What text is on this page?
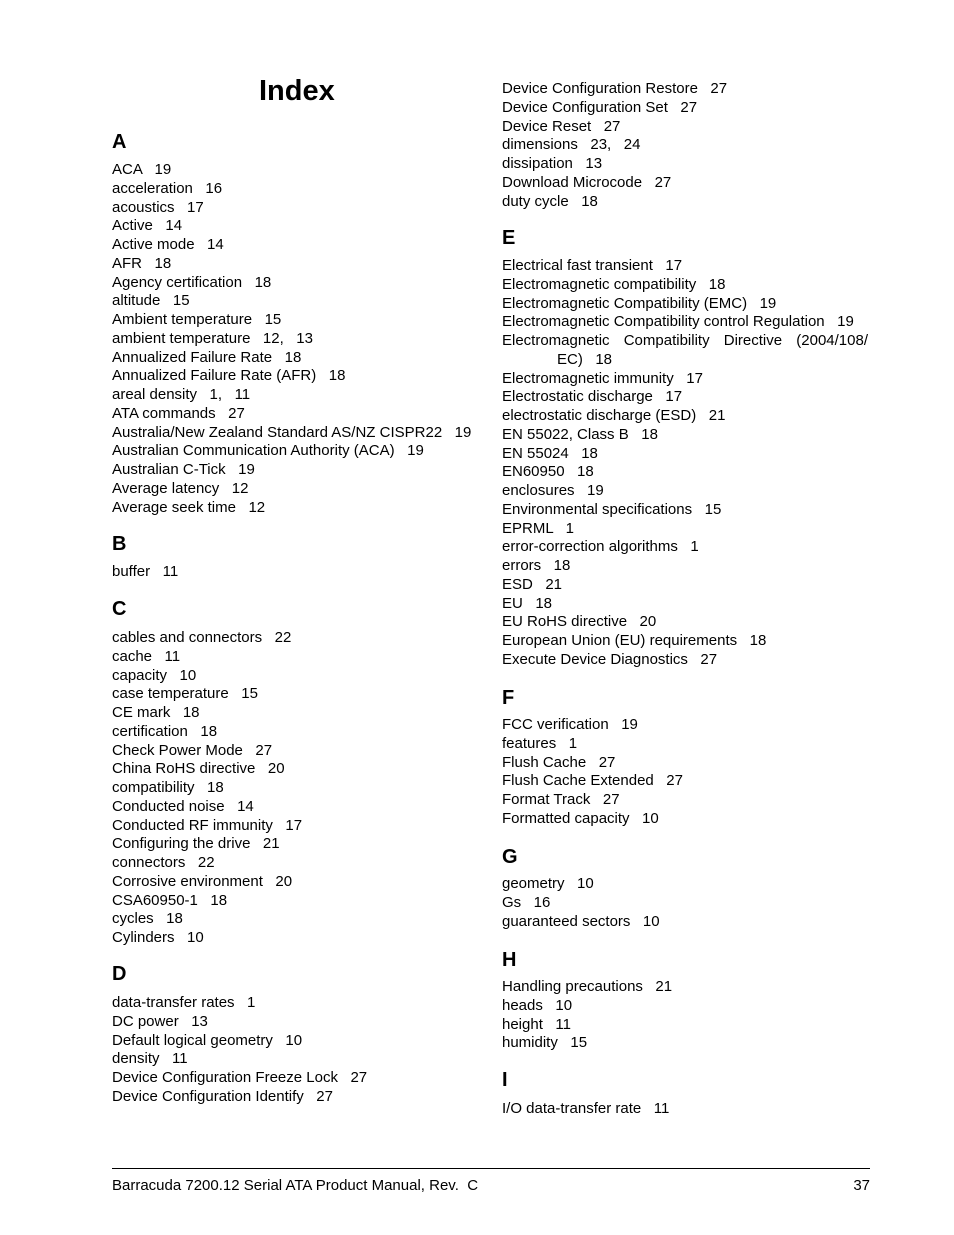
Index
A
ACA   19
acceleration   16
acoustics   17
Active   14
Active mode   14
AFR   18
Agency certification   18
altitude   15
Ambient temperature   15
ambient temperature   12,   13
Annualized Failure Rate   18
Annualized Failure Rate (AFR)   18
areal density   1,   11
ATA commands   27
Australia/New Zealand Standard AS/NZ CISPR22   19
Australian Communication Authority (ACA)   19
Australian C-Tick   19
Average latency   12
Average seek time   12
B
buffer   11
C
cables and connectors   22
cache   11
capacity   10
case temperature   15
CE mark   18
certification   18
Check Power Mode   27
China RoHS directive   20
compatibility   18
Conducted noise   14
Conducted RF immunity   17
Configuring the drive   21
connectors   22
Corrosive environment   20
CSA60950-1   18
cycles   18
Cylinders   10
D
data-transfer rates   1
DC power   13
Default logical geometry   10
density   11
Device Configuration Freeze Lock   27
Device Configuration Identify   27
Device Configuration Restore   27
Device Configuration Set   27
Device Reset   27
dimensions   23,   24
dissipation   13
Download Microcode   27
duty cycle   18
E
Electrical fast transient   17
Electromagnetic compatibility   18
Electromagnetic Compatibility (EMC)   19
Electromagnetic Compatibility control Regulation   19
Electromagnetic Compatibility Directive (2004/108/
EC)   18
Electromagnetic immunity   17
Electrostatic discharge   17
electrostatic discharge (ESD)   21
EN 55022, Class B   18
EN 55024   18
EN60950   18
enclosures   19
Environmental specifications   15
EPRML   1
error-correction algorithms   1
errors   18
ESD   21
EU   18
EU RoHS directive   20
European Union (EU) requirements   18
Execute Device Diagnostics   27
F
FCC verification   19
features   1
Flush Cache   27
Flush Cache Extended   27
Format Track   27
Formatted capacity   10
G
geometry   10
Gs   16
guaranteed sectors   10
H
Handling precautions   21
heads   10
height   11
humidity   15
I
I/O data-transfer rate   11
Barracuda 7200.12 Serial ATA Product Manual, Rev.  C	37
